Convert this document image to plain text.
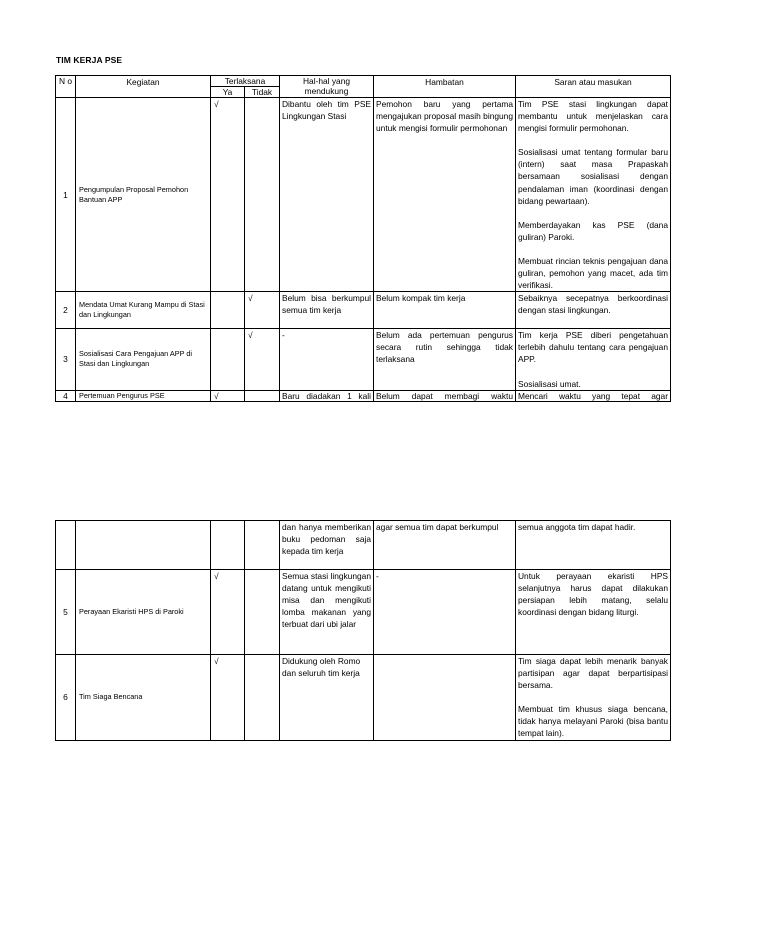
TIM KERJA PSE
N o	Kegiatan	Terlaksana		Hal-hal yang mendukung	Hambatan	Saran atau masukan
		Ya	Tidak			
1	Pengumpulan Proposal Pemohon Bantuan APP	√		Dibantu oleh tim PSE Lingkungan Stasi	Pemohon baru yang pertama mengajukan proposal masih bingung untuk mengisi formulir permohonan	Tim PSE stasi lingkungan dapat membantu untuk menjelaskan cara mengisi formulir permohonan.

Sosialisasi umat tentang formular baru (intern) saat masa Prapaskah bersamaan sosialisasi dengan pendalaman iman (koordinasi dengan bidang pewartaan).

Memberdayakan kas PSE (dana guliran) Paroki.

Membuat rincian teknis pengajuan dana guliran, pemohon yang macet, ada tim verifikasi.

2	Mendata Umat Kurang Mampu di Stasi dan Lingkungan		√	Belum bisa berkumpul semua tim kerja	Belum kompak tim kerja	Sebaiknya secepatnya berkoordinasi dengan stasi lingkungan.
3	Sosialisasi Cara Pengajuan APP di Stasi dan Lingkungan		√	-	Belum ada pertemuan pengurus secara rutin sehingga tidak terlaksana	Tim kerja PSE diberi pengetahuan terlebih dahulu tentang cara pengajuan APP.

Sosialisasi umat.

4	Pertemuan Pengurus PSE	√		Baru diadakan 1 kali	Belum dapat membagi waktu	Mencari waktu yang tepat agar
				dan hanya memberikan buku pedoman saja kepada tim kerja	agar semua tim dapat berkumpul	semua anggota tim dapat hadir.
5	Perayaan Ekaristi HPS di Paroki	√		Semua stasi lingkungan datang untuk mengikuti misa dan mengikuti lomba makanan yang terbuat dari ubi jalar	-	Untuk perayaan ekaristi HPS selanjutnya harus dapat dilakukan persiapan lebih matang, selalu koordinasi dengan bidang liturgi.
6	Tim Siaga Bencana	√		Didukung oleh Romo dan seluruh tim kerja		Tim siaga dapat lebih menarik banyak partisipan agar dapat berpartisipasi bersama.

Membuat tim khusus siaga bencana, tidak hanya melayani Paroki (bisa bantu tempat lain).
